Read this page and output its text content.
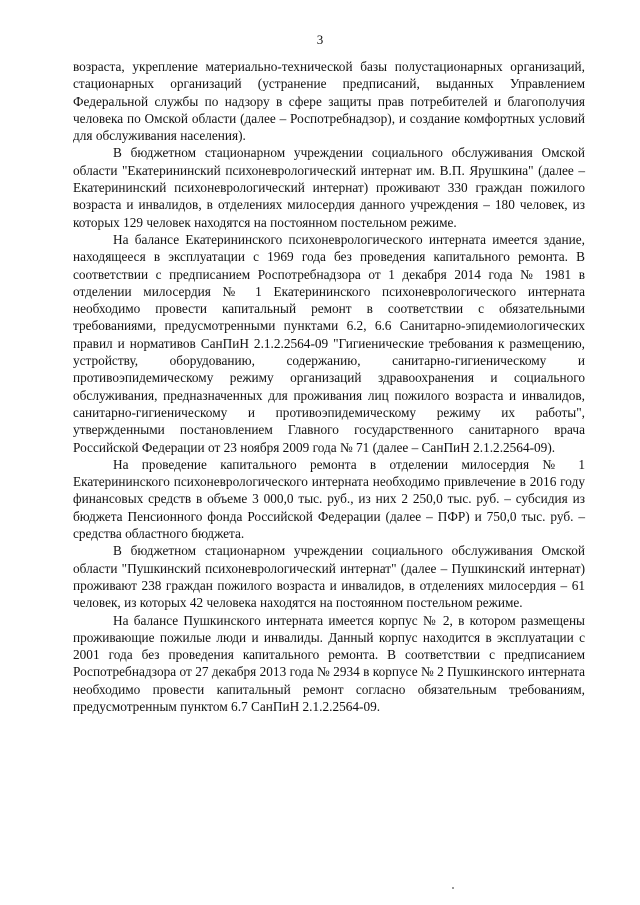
3

возраста, укрепление материально-технической базы полустационарных организаций, стационарных организаций (устранение предписаний, выданных Управлением Федеральной службы по надзору в сфере защиты прав потребителей и благополучия человека по Омской области (далее – Роспотребнадзор), и создание комфортных условий для обслуживания населения).

В бюджетном стационарном учреждении социального обслуживания Омской области "Екатерининский психоневрологический интернат им. В.П. Ярушкина" (далее – Екатерининский психоневрологический интернат) проживают 330 граждан пожилого возраста и инвалидов, в отделениях милосердия данного учреждения – 180 человек, из которых 129 человек находятся на постоянном постельном режиме.

На балансе Екатерининского психоневрологического интерната имеется здание, находящееся в эксплуатации с 1969 года без проведения капитального ремонта. В соответствии с предписанием Роспотребнадзора от 1 декабря 2014 года № 1981 в отделении милосердия № 1 Екатерининского психоневрологического интерната необходимо провести капитальный ремонт в соответствии с обязательными требованиями, предусмотренными пунктами 6.2, 6.6 Санитарно-эпидемиологических правил и нормативов СанПиН 2.1.2.2564-09 "Гигиенические требования к размещению, устройству, оборудованию, содержанию, санитарно-гигиеническому и противоэпидемическому режиму организаций здравоохранения и социального обслуживания, предназначенных для проживания лиц пожилого возраста и инвалидов, санитарно-гигиеническому и противоэпидемическому режиму их работы", утвержденными постановлением Главного государственного санитарного врача Российской Федерации от 23 ноября 2009 года № 71 (далее – СанПиН 2.1.2.2564-09).

На проведение капитального ремонта в отделении милосердия № 1 Екатерининского психоневрологического интерната необходимо привлечение в 2016 году финансовых средств в объеме 3 000,0 тыс. руб., из них 2 250,0 тыс. руб. – субсидия из бюджета Пенсионного фонда Российской Федерации (далее – ПФР) и 750,0 тыс. руб. – средства областного бюджета.

В бюджетном стационарном учреждении социального обслуживания Омской области "Пушкинский психоневрологический интернат" (далее – Пушкинский интернат) проживают 238 граждан пожилого возраста и инвалидов, в отделениях милосердия – 61 человек, из которых 42 человека находятся на постоянном постельном режиме.

На балансе Пушкинского интерната имеется корпус № 2, в котором размещены проживающие пожилые люди и инвалиды. Данный корпус находится в эксплуатации с 2001 года без проведения капитального ремонта. В соответствии с предписанием Роспотребнадзора от 27 декабря 2013 года № 2934 в корпусе № 2 Пушкинского интерната необходимо провести капитальный ремонт согласно обязательным требованиям, предусмотренным пунктом 6.7 СанПиН 2.1.2.2564-09.
